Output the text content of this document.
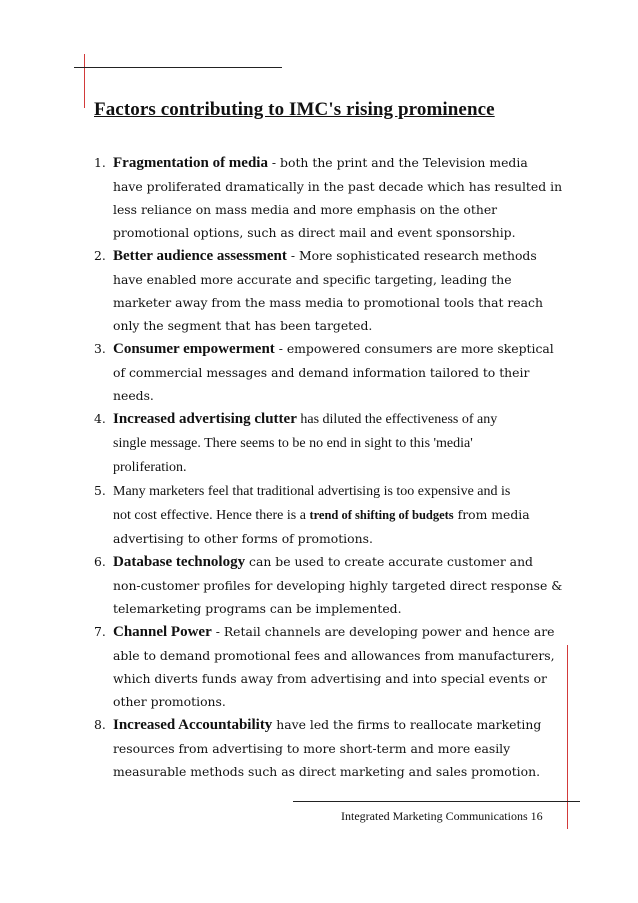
Factors contributing to IMC's rising prominence
1. Fragmentation of media - both the print and the Television media
have proliferated dramatically in the past decade which has resulted in
less reliance on mass media and more emphasis on the other
promotional options, such as direct mail and event sponsorship.
2. Better audience assessment - More sophisticated research methods
have enabled more accurate and specific targeting, leading the
marketer away from the mass media to promotional tools that reach
only the segment that has been targeted.
3. Consumer empowerment - empowered consumers are more skeptical
of commercial messages and demand information tailored to their
needs.
4. Increased advertising clutter has diluted the effectiveness of any
single message. There seems to be no end in sight to this 'media'
proliferation.
5. Many marketers feel that traditional advertising is too expensive and is
not cost effective. Hence there is a trend of shifting of budgets from media
advertising to other forms of promotions.
6. Database technology can be used to create accurate customer and
non-customer profiles for developing highly targeted direct response &
telemarketing programs can be implemented.
7. Channel Power - Retail channels are developing power and hence are
able to demand promotional fees and allowances from manufacturers,
which diverts funds away from advertising and into special events or
other promotions.
8. Increased Accountability have led the firms to reallocate marketing
resources from advertising to more short-term and more easily
measurable methods such as direct marketing and sales promotion.
Integrated Marketing Communications 16
